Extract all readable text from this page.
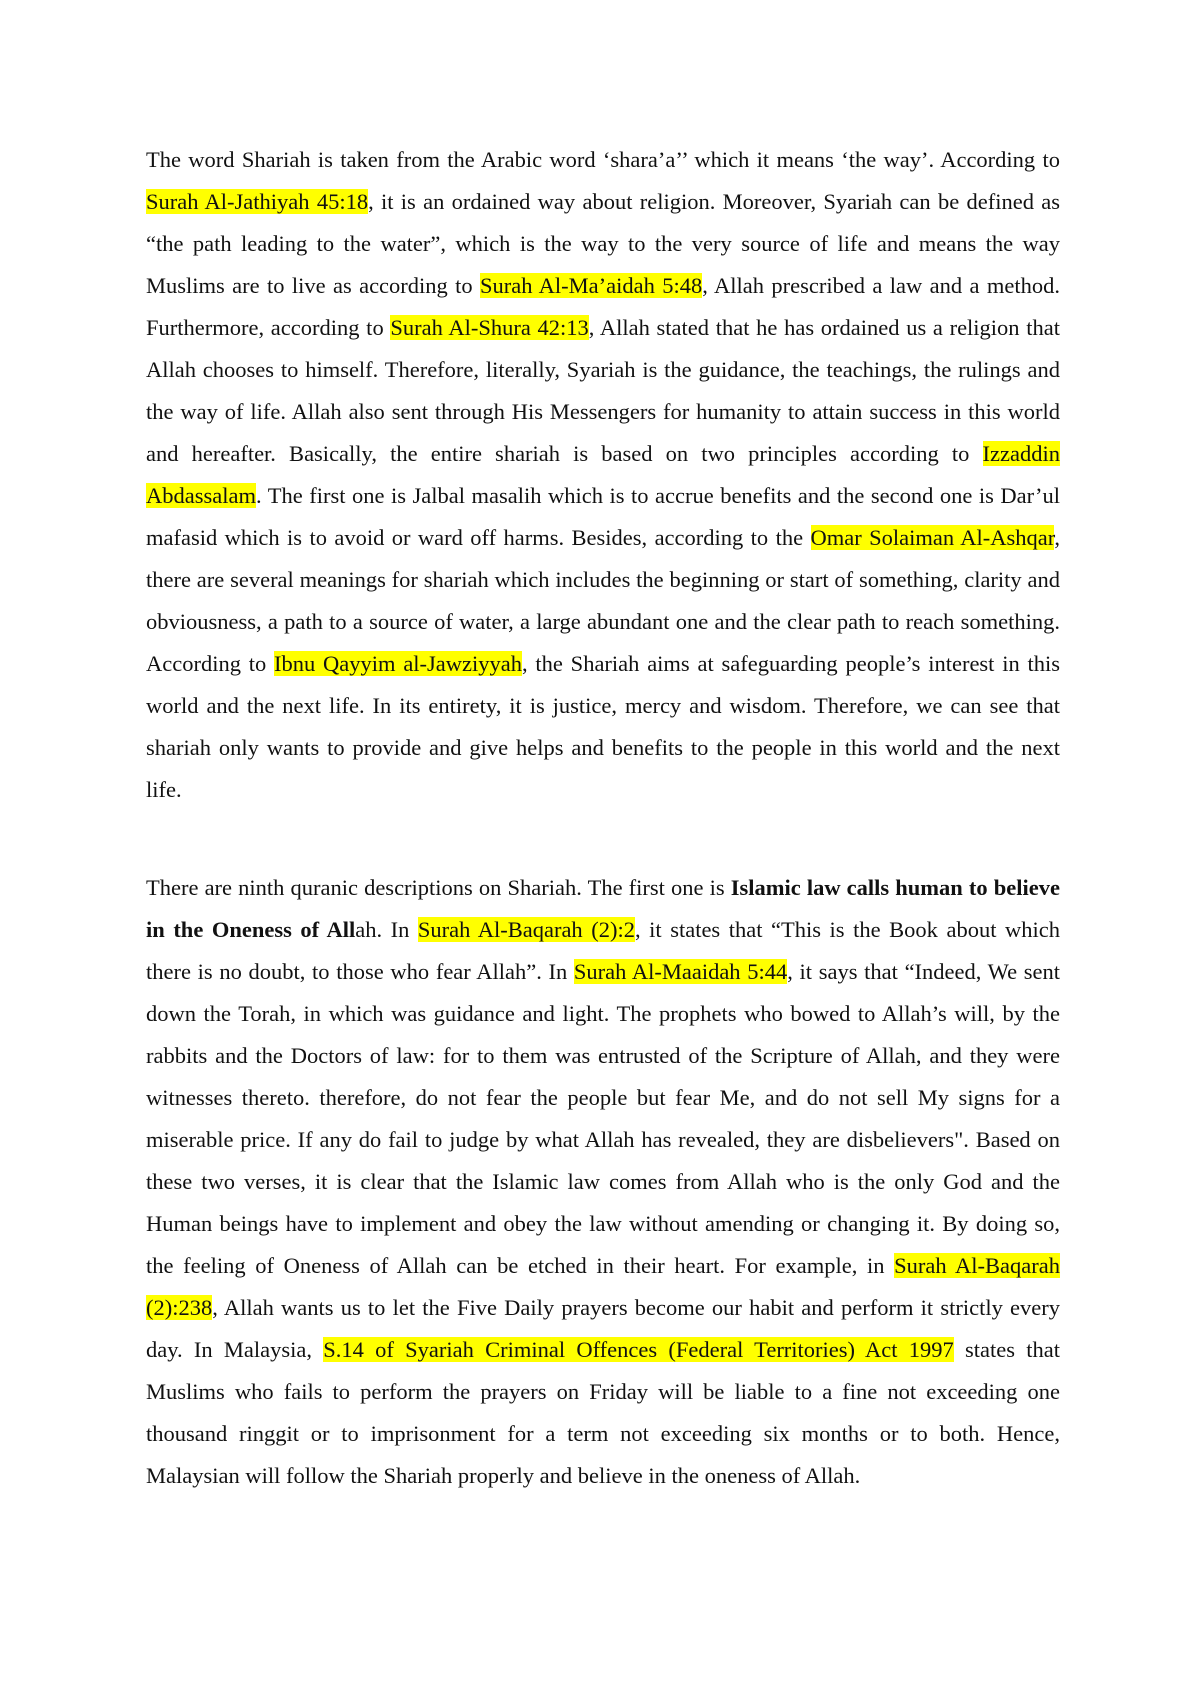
The word Shariah is taken from the Arabic word ‘shara’a’’ which it means ‘the way’. According to Surah Al-Jathiyah 45:18, it is an ordained way about religion. Moreover, Syariah can be defined as “the path leading to the water”, which is the way to the very source of life and means the way Muslims are to live as according to Surah Al-Ma’aidah 5:48, Allah prescribed a law and a method. Furthermore, according to Surah Al-Shura 42:13, Allah stated that he has ordained us a religion that Allah chooses to himself. Therefore, literally, Syariah is the guidance, the teachings, the rulings and the way of life. Allah also sent through His Messengers for humanity to attain success in this world and hereafter. Basically, the entire shariah is based on two principles according to Izzaddin Abdassalam. The first one is Jalbal masalih which is to accrue benefits and the second one is Dar’ul mafasid which is to avoid or ward off harms. Besides, according to the Omar Solaiman Al-Ashqar, there are several meanings for shariah which includes the beginning or start of something, clarity and obviousness, a path to a source of water, a large abundant one and the clear path to reach something. According to Ibnu Qayyim al-Jawziyyah, the Shariah aims at safeguarding people’s interest in this world and the next life. In its entirety, it is justice, mercy and wisdom. Therefore, we can see that shariah only wants to provide and give helps and benefits to the people in this world and the next life.

There are ninth quranic descriptions on Shariah. The first one is Islamic law calls human to believe in the Oneness of Allah. In Surah Al-Baqarah (2):2, it states that “This is the Book about which there is no doubt, to those who fear Allah”. In Surah Al-Maaidah 5:44, it says that “Indeed, We sent down the Torah, in which was guidance and light. The prophets who bowed to Allah’s will, by the rabbits and the Doctors of law: for to them was entrusted of the Scripture of Allah, and they were witnesses thereto. therefore, do not fear the people but fear Me, and do not sell My signs for a miserable price. If any do fail to judge by what Allah has revealed, they are disbelievers". Based on these two verses, it is clear that the Islamic law comes from Allah who is the only God and the Human beings have to implement and obey the law without amending or changing it. By doing so, the feeling of Oneness of Allah can be etched in their heart. For example, in Surah Al-Baqarah (2):238, Allah wants us to let the Five Daily prayers become our habit and perform it strictly every day. In Malaysia, S.14 of Syariah Criminal Offences (Federal Territories) Act 1997 states that Muslims who fails to perform the prayers on Friday will be liable to a fine not exceeding one thousand ringgit or to imprisonment for a term not exceeding six months or to both. Hence, Malaysian will follow the Shariah properly and believe in the oneness of Allah.
